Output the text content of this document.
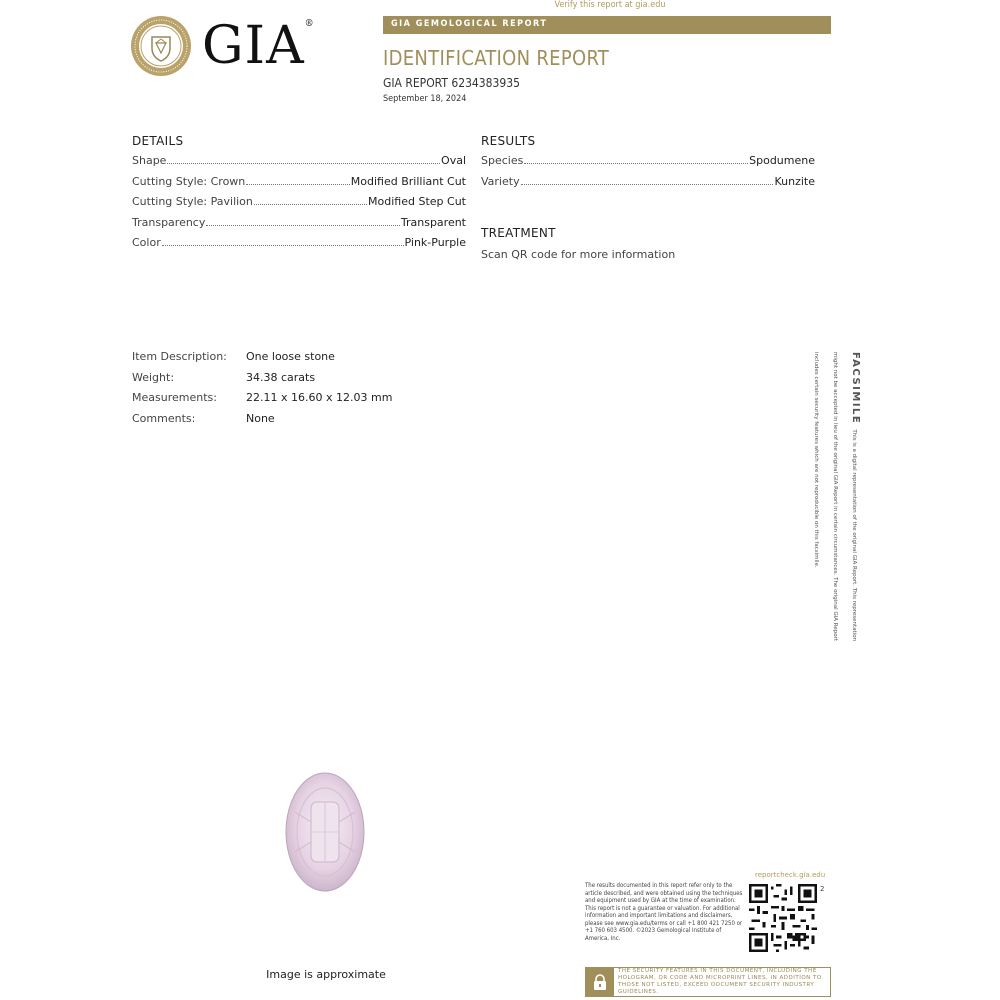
Verify this report at gia.edu
GIA®	GIA GEMOLOGICAL REPORT
IDENTIFICATION REPORT
GIA REPORT 6234383935
September 18, 2024
DETAILS
Shape	Oval
Cutting Style: Crown	Modified Brilliant Cut
Cutting Style: Pavilion	Modified Step Cut
Transparency	Transparent
Color	Pink-Purple
RESULTS
Species	Spodumene
Variety	Kunzite
TREATMENT
Scan QR code for more information
Item Description:	One loose stone
Weight:	34.38 carats
Measurements:	22.11 x 16.60 x 12.03 mm
Comments:	None
Image is approximate
FACSIMILE This is a digital representation of the original GIA Report. This representation might not be accepted in lieu of the original GIA Report in certain circumstances. The original GIA Report includes certain security features which are not reproducible on this facsimile.
reportcheck.gia.edu
The results documented in this report refer only to the article described, and were obtained using the techniques and equipment used by GIA at the time of examination. This report is not a guarantee or valuation. For additional information and important limitations and disclaimers, please see www.gia.edu/terms or call +1 800 421 7250 or +1 760 603 4500. ©2023 Gemological Institute of America, Inc.
2
THE SECURITY FEATURES IN THIS DOCUMENT, INCLUDING THE HOLOGRAM, QR CODE AND MICROPRINT LINES, IN ADDITION TO THOSE NOT LISTED, EXCEED DOCUMENT SECURITY INDUSTRY GUIDELINES.
